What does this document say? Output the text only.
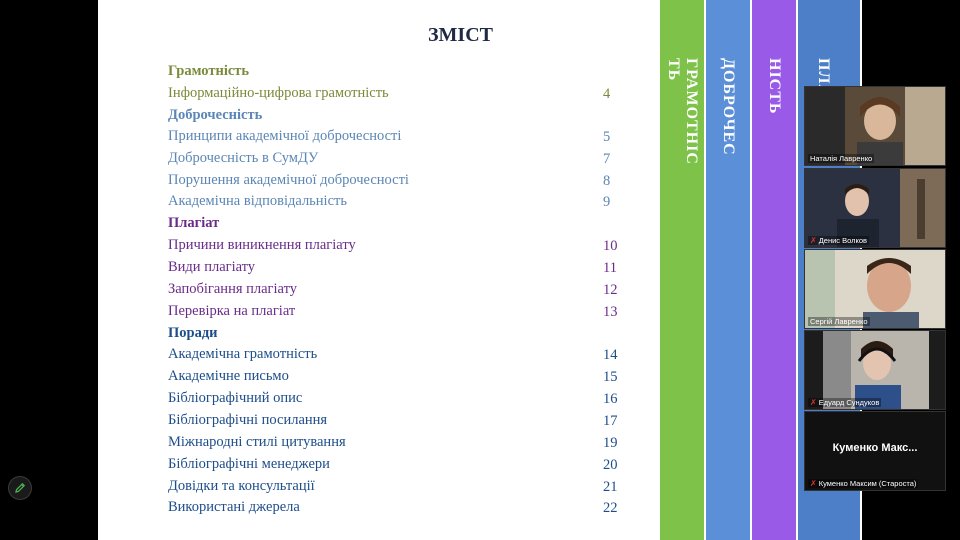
ЗМІСТ
Грамотність
Інформаційно-цифрова грамотність	4
Доброчесність
Принципи академічної доброчесності	5
Доброчесність в СумДУ	7
Порушення академічної доброчесності	8
Академічна відповідальність	9
Плагіат
Причини виникнення плагіату	10
Види плагіату	11
Запобігання плагіату	12
Перевірка на плагіат	13
Поради
Академічна грамотність	14
Академічне письмо	15
Бібліографічний опис	16
Бібліографічні посилання	17
Міжнародні стилі цитування	19
Бібліографічні менеджери	20
Довідки та консультації	21
Використані джерела	22
ГРАМОТНІС
ТЬ ДОБРОЧЕС НІСТЬ
Наталія Лавренко
✗ Денис Волков
Сергій Лавренко
✗ Едуард Сундуков
Куменко Макс...
✗ Куменко Максим (Староста)
